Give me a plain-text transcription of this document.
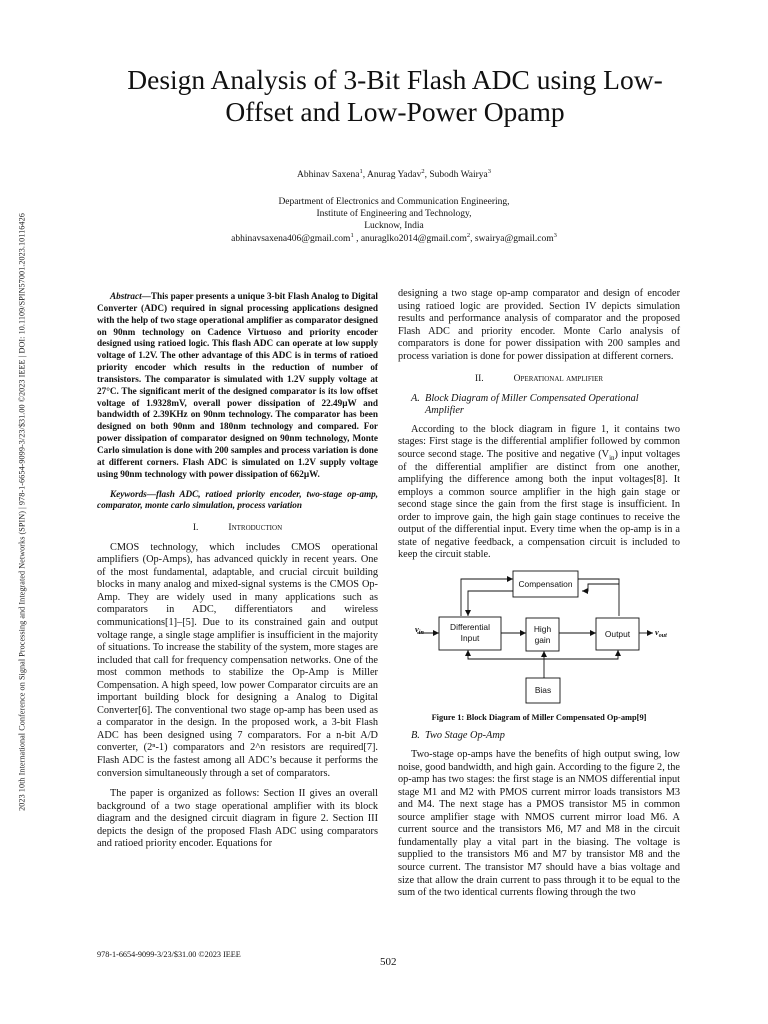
2023 10th International Conference on Signal Processing and Integrated Networks (SPIN) | 978-1-6654-9099-3/23/$31.00 ©2023 IEEE | DOI: 10.1109/SPIN57001.2023.10116426
Design Analysis of 3-Bit Flash ADC using Low-
Offset and Low-Power Opamp
Abhinav Saxena$^1$, Anurag Yadav$^2$, Subodh Wairya$^3$
Department of Electronics and Communication Engineering,
Institute of Engineering and Technology,
Lucknow, India
abhinavsaxena406@gmail.com$^1$ , anuraglko2014@gmail.com$^2$, swairya@gmail.com$^3$

Abstract—This paper presents a unique 3-bit Flash Analog to Digital Converter (ADC) required in signal processing applications designed with the help of two stage operational amplifier as comparator designed on 90nm technology on Cadence Virtuoso and priority encoder designed using ratioed logic. This flash ADC can operate at low supply voltage of 1.2V. The other advantage of this ADC is in terms of ratioed priority encoder which results in the reduction of number of transistors. The comparator is simulated with 1.2V supply voltage at 27°C. The significant merit of the designed comparator is its low offset voltage of 1.9328mV, overall power dissipation of 22.49µW and bandwidth of 2.39KHz on 90nm technology. The comparator has been designed on both 90nm and 180nm technology and compared. For power dissipation of comparator designed on 90nm technology, Monte Carlo simulation is done with 200 samples and process variation is done at different corners. Flash ADC is simulated on 1.2V supply voltage using 90nm technology with power dissipation of 662µW.

Keywords—flash ADC, ratioed priority encoder, two-stage op-amp, comparator, monte carlo simulation, process variation

I.	Introduction

CMOS technology, which includes CMOS operational amplifiers (Op-Amps), has advanced quickly in recent years. One of the most fundamental, adaptable, and crucial circuit building blocks in many analog and mixed-signal systems is the CMOS Op-Amp. They are widely used in many applications such as comparators in ADC, differentiators and wireless communications[1]–[5]. Due to its constrained gain and output voltage range, a single stage amplifier is insufficient in the majority of situations. To increase the stability of the system, more stages are included that call for frequency compensation networks. One of the most common methods to stabilize the Op-Amp is Miller Compensation. A high speed, low power Comparator circuits are an important building block for designing a Analog to Digital Converter[6]. The conventional two stage op-amp has been used as a comparator in the design. In the proposed work, a 3-bit Flash ADC has been designed using 7 comparators. For a n-bit A/D converter, (2ⁿ-1) comparators and 2^n resistors are required[7]. Flash ADC is the fastest among all ADC’s because it performs the conversion simultaneously through a set of comparators.

The paper is organized as follows: Section II gives an overall background of a two stage operational amplifier with its block diagram and the designed circuit diagram in figure 2. Section III depicts the design of the proposed Flash ADC using comparators and ratioed priority encoder. Equations for

designing a two stage op-amp comparator and design of encoder using ratioed logic are provided. Section IV depicts simulation results and performance analysis of comparator and the proposed Flash ADC and priority encoder. Monte Carlo analysis of comparators is done for power dissipation with 200 samples and process variation is done for power dissipation at different corners.

II.	Operational amplifier
A. Block Diagram of Miller Compensated Operational
Amplifier

According to the block diagram in figure 1, it contains two stages: First stage is the differential amplifier followed by common source second stage. The positive and negative $(V_{in})$ input voltages of the differential amplifier are distinct from one another, amplifying the difference among both the input voltages[8]. It employs a common source amplifier in the high gain stage or second stage since the gain from the first stage is insufficient. In order to improve gain, the high gain stage continues to receive the output of the differential input. Every time when the op-amp is in a state of negative feedback, a compensation circuit is included to keep the circuit stable.

Compensation
Differential
Input
High
gain
Output
Bias
$v_{in}$	$v_{out}$
Figure 1: Block Diagram of Miller Compensated Op-amp[9]
B. Two Stage Op-Amp

Two-stage op-amps have the benefits of high output swing, low noise, good bandwidth, and high gain. According to the figure 2, the op-amp has two stages: the first stage is an NMOS differential input stage M1 and M2 with PMOS current mirror loads transistors M3 and M4. The next stage has a PMOS transistor M5 in common source amplifier stage with NMOS current mirror load M6. A current source and the transistors M6, M7 and M8 in the circuit fundamentally play a vital part in the biasing. The voltage is supplied to the transistors M6 and M7 by transistor M8 and the source current. The transistor M7 should have a bias voltage and size that allow the drain current to pass through it to be equal to the sum of the two identical currents flowing through the two

978-1-6654-9099-3/23/$31.00 ©2023 IEEE
502
